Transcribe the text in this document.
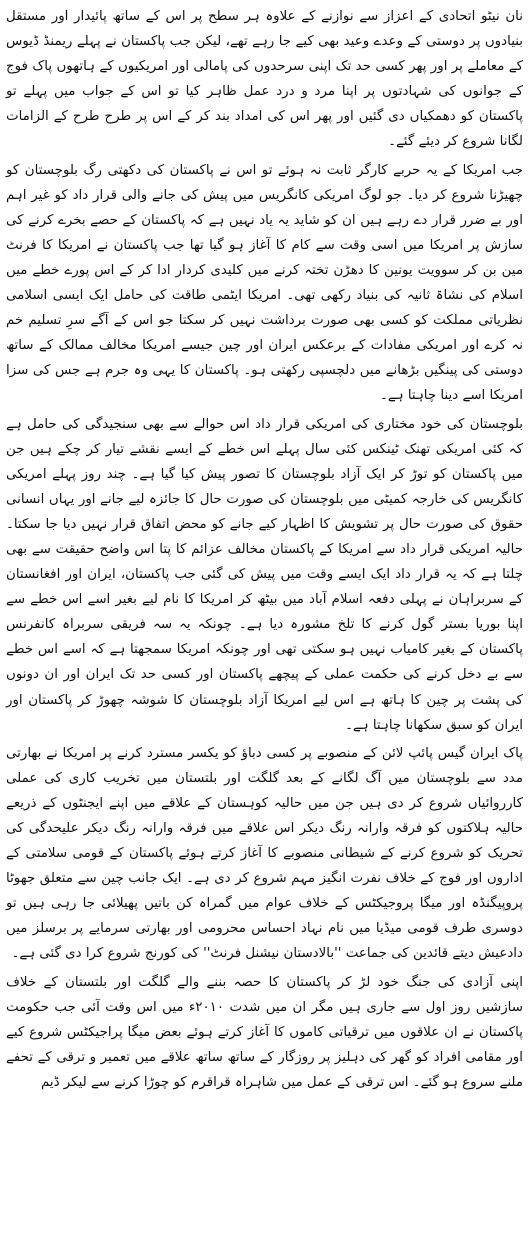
نان نیٹو اتحادی کے اعزاز سے نوازنے کے علاوہ ہر سطح پر اس کے ساتھ پائیدار اور مستقل بنیادوں پر دوستی کے وعدے وعید بھی کیے جا رہے تھے، لیکن جب پاکستان نے پہلے ریمنڈ ڈیوس کے معاملے پر اور پھر کسی حد تک اپنی سرحدوں کی پامالی اور امریکیوں کے ہاتھوں پاک فوج کے جوانوں کی شہادتوں پر اپنا مرد و درد عمل ظاہر کیا تو اس کے جواب میں پہلے تو پاکستان کو دھمکیاں دی گئیں اور پھر اس کی امداد بند کر کے اس پر طرح طرح کے الزامات لگانا شروع کر دیئے گئے۔

جب امریکا کے یہ حربے کارگر ثابت نہ ہوئے تو اس نے پاکستان کی دکھتی رگ بلوچستان کو چھیڑنا شروع کر دیا۔ جو لوگ امریکی کانگریس میں پیش کی جانے والی قرار داد کو غیر اہم اور بے ضرر قرار دے رہے ہیں ان کو شاید یہ یاد نہیں ہے کہ پاکستان کے حصے بخرے کرنے کی سازش پر امریکا میں اسی وقت سے کام کا آغاز ہو گیا تھا جب پاکستان نے امریکا کا فرنٹ مین بن کر سوویت یونین کا دھڑن تختہ کرنے میں کلیدی کردار ادا کر کے اس پورے خطے میں اسلام کی نشاۃ ثانیہ کی بنیاد رکھی تھی۔ امریکا ایٹمی طاقت کی حامل ایک ایسی اسلامی نظریاتی مملکت کو کسی بھی صورت برداشت نہیں کر سکتا جو اس کے آگے سرِ تسلیم خم نہ کرے اور امریکی مفادات کے برعکس ایران اور چین جیسے امریکا مخالف ممالک کے ساتھ دوستی کی پینگیں بڑھانے میں دلچسپی رکھتی ہو۔ پاکستان کا یہی وہ جرم ہے جس کی سزا امریکا اسے دینا چاہتا ہے۔

بلوچستان کی خود مختاری کی امریکی قرار داد اس حوالے سے بھی سنجیدگی کی حامل ہے کہ کئی امریکی تھنک ٹینکس کئی سال پہلے اس خطے کے ایسے نقشے تیار کر چکے ہیں جن میں پاکستان کو توڑ کر ایک آزاد بلوچستان کا تصور پیش کیا گیا ہے۔ چند روز پہلے امریکی کانگریس کی خارجہ کمیٹی میں بلوچستان کی صورت حال کا جائزہ لیے جانے اور یہاں انسانی حقوق کی صورت حال پر تشویش کا اظہار کیے جانے کو محض اتفاق قرار نہیں دیا جا سکتا۔ حالیہ امریکی قرار داد سے امریکا کے پاکستان مخالف عزائم کا پتا اس واضح حقیقت سے بھی چلتا ہے کہ یہ قرار داد ایک ایسے وقت میں پیش کی گئی جب پاکستان، ایران اور افغانستان کے سربراہان نے پہلی دفعہ اسلام آباد میں بیٹھ کر امریکا کا نام لیے بغیر اسے اس خطے سے اپنا بوریا بستر گول کرنے کا تلخ مشورہ دیا ہے۔ چونکہ یہ سہ فریقی سربراہ کانفرنس پاکستان کے بغیر کامیاب نہیں ہو سکتی تھی اور چونکہ امریکا سمجھتا ہے کہ اسے اس خطے سے بے دخل کرنے کی حکمت عملی کے پیچھے پاکستان اور کسی حد تک ایران اور ان دونوں کی پشت پر چین کا ہاتھ ہے اس لیے امریکا آزاد بلوچستان کا شوشہ چھوڑ کر پاکستان اور ایران کو سبق سکھانا چاہتا ہے۔

پاک ایران گیس پائپ لائن کے منصوبے پر کسی دباؤ کو یکسر مسترد کرنے پر امریکا نے بھارتی مدد سے بلوچستان میں آگ لگانے کے بعد گلگت اور بلتستان میں تخریب کاری کی عملی کارروائیاں شروع کر دی ہیں جن میں حالیہ کوہستان کے علاقے میں اپنے ایجنٹوں کے ذریعے حالیہ ہلاکتوں کو فرقہ وارانہ رنگ دیکر اس علاقے میں فرقہ وارانہ رنگ دیکر علیحدگی کی تحریک کو شروع کرنے کے شیطانی منصوبے کا آغاز کرتے ہوئے پاکستان کے قومی سلامتی کے اداروں اور فوج کے خلاف نفرت انگیز مہم شروع کر دی ہے۔ ایک جانب چین سے متعلق جھوٹا پروپیگنڈہ اور میگا پروجیکٹس کے خلاف عوام میں گمراہ کن باتیں پھیلائی جا رہی ہیں تو دوسری طرف قومی میڈیا میں نام نہاد احساس محرومی اور بھارتی سرمایے پر برسلز میں دادعیش دیتے قائدین کی جماعت ''بالادستان نیشنل فرنٹ'' کی کورنج شروع کرا دی گئی ہے۔

اپنی آزادی کی جنگ خود لڑ کر پاکستان کا حصہ بننے والے گلگت اور بلتستان کے خلاف سازشیں روز اول سے جاری ہیں مگر ان میں شدت ۲۰۱۰ء میں اس وقت آئی جب حکومت پاکستان نے ان علاقوں میں ترقیاتی کاموں کا آغاز کرتے ہوئے بعض میگا پراجیکٹس شروع کیے اور مقامی افراد کو گھر کی دہلیز پر روزگار کے ساتھ ساتھ علاقے میں تعمیر و ترقی کے تحفے ملنے سروع ہو گئے۔ اس ترقی کے عمل میں شاہراہ قراقرم کو چوڑا کرنے سے لیکر ڈیم
